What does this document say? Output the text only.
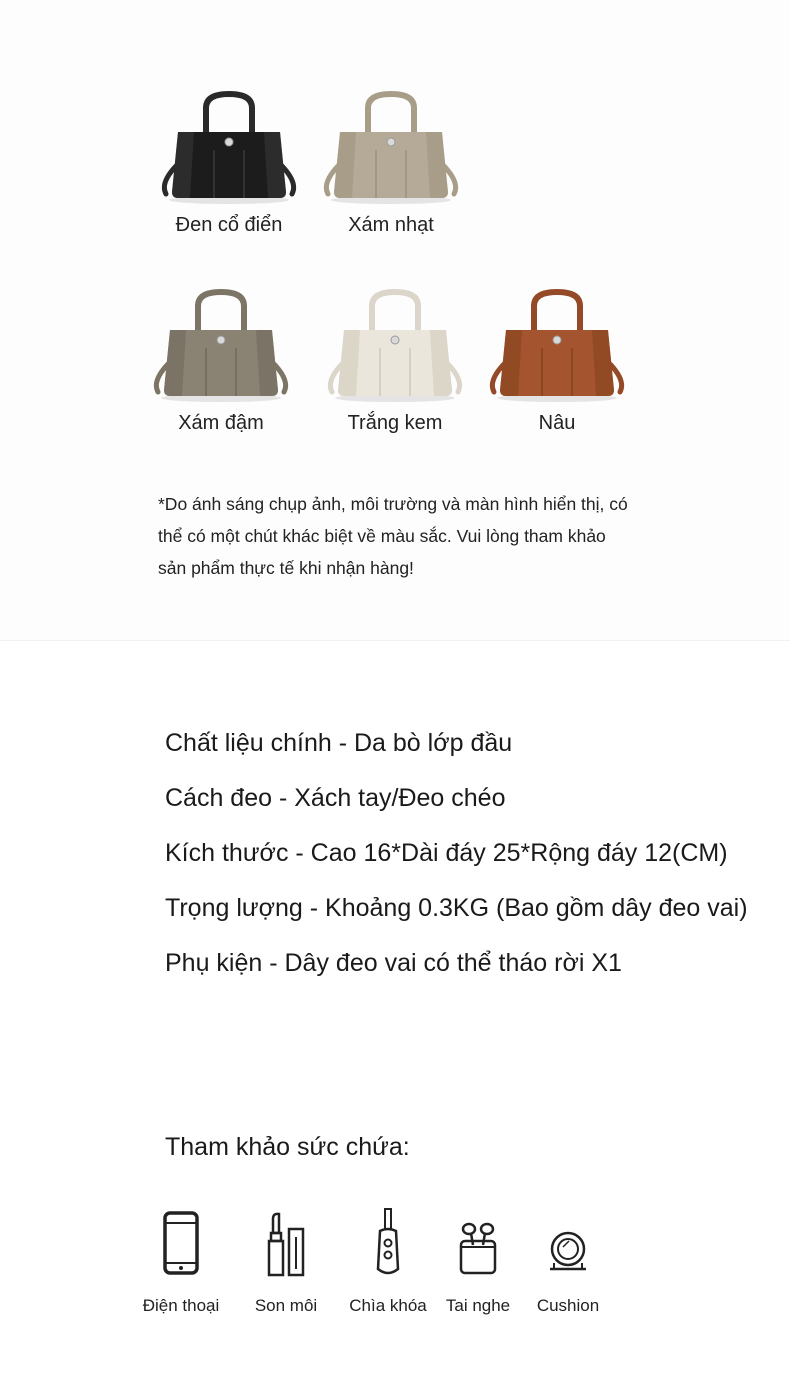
Đen cổ điển	Xám nhạt
Xám đậm	Trắng kem	Nâu
*Do ánh sáng chụp ảnh, môi trường và màn hình hiển thị, có thể có một chút khác biệt về màu sắc. Vui lòng tham khảo sản phẩm thực tế khi nhận hàng!
Chất liệu chính - Da bò lớp đầu
Cách đeo - Xách tay/Đeo chéo
Kích thước - Cao 16*Dài đáy 25*Rộng đáy 12(CM)
Trọng lượng - Khoảng 0.3KG (Bao gồm dây đeo vai)
Phụ kiện - Dây đeo vai có thể tháo rời X1
Tham khảo sức chứa:
Điện thoại	Son môi	Chìa khóa	Tai nghe	Cushion
